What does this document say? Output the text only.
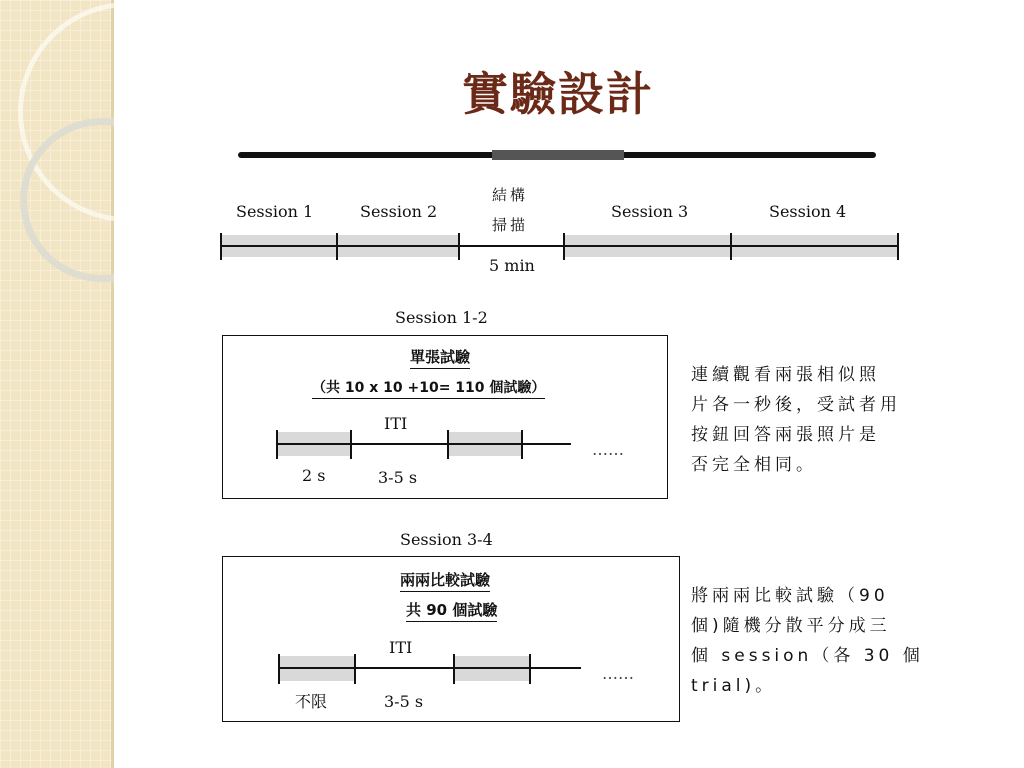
實驗設計
Session 1	Session 2
結構
掃描
Session 3	Session 4
5 min
Session 1-2
單張試驗
（共 10 x 10 +10= 110 個試驗）
ITI
……
2 s	3-5 s
連續觀看兩張相似照
片各一秒後，受試者用
按鈕回答兩張照片是
否完全相同。
Session 3-4
兩兩比較試驗
共 90 個試驗
ITI
……
不限	3-5 s
將兩兩比較試驗（90
個)隨機分散平分成三
個 session（各 30 個
trial)。
